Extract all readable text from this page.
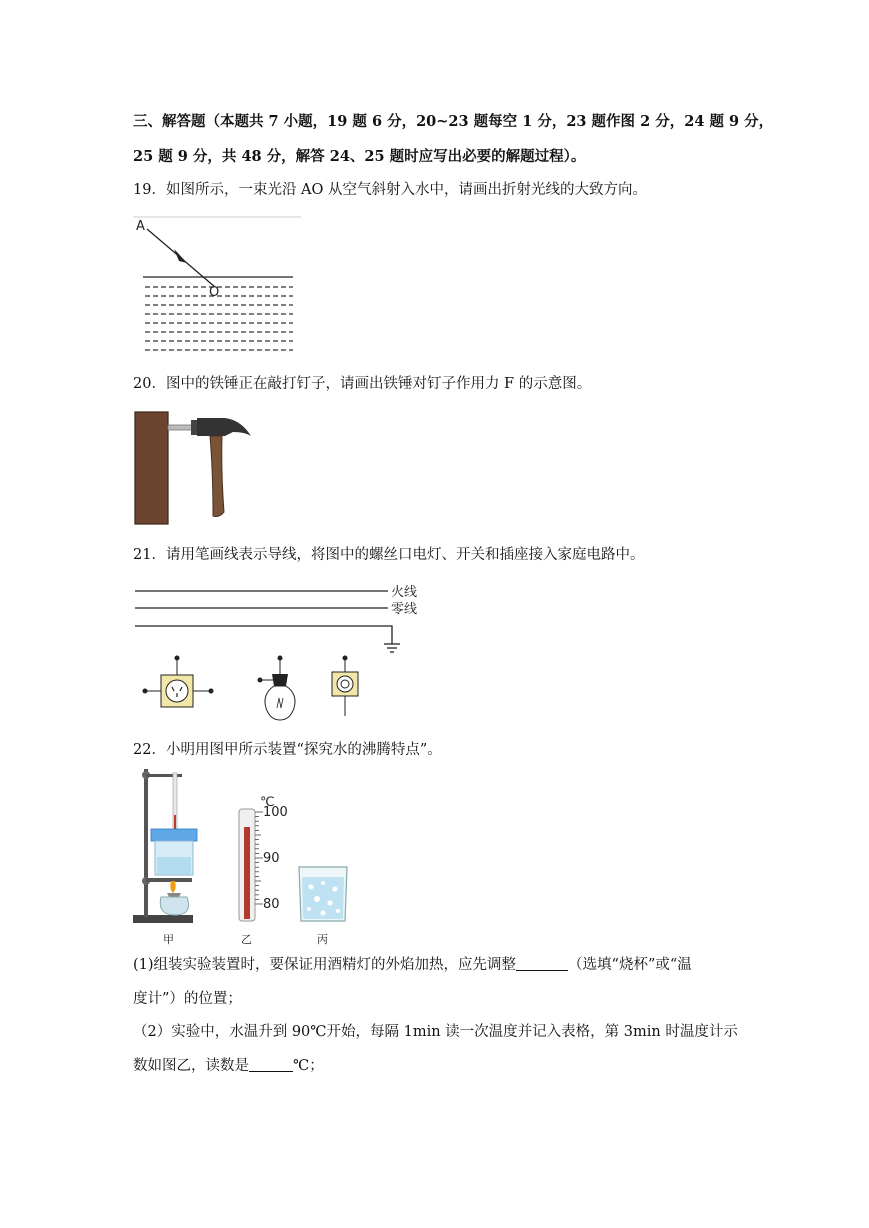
三、解答题（本题共 7 小题，19 题 6 分，20~23 题每空 1 分，23 题作图 2 分，24 题 9 分，
25 题 9 分，共 48 分，解答 24、25 题时应写出必要的解题过程）。
19．如图所示，一束光沿 AO 从空气斜射入水中，请画出折射光线的大致方向。
A
O
20．图中的铁锤正在敲打钉子，请画出铁锤对钉子作用力 F 的示意图。
21．请用笔画线表示导线，将图中的螺丝口电灯、开关和插座接入家庭电路中。
火线
零线
22．小明用图甲所示装置“探究水的沸腾特点”。
℃
100
90
80
甲	乙	丙
(1)组装实验装置时，要保证用酒精灯的外焰加热，应先调整	（选填“烧杯”或“温
度计”）的位置；
（2）实验中，水温升到 90℃开始，每隔 1min 读一次温度并记入表格，第 3min 时温度计示
数如图乙，读数是	℃；
